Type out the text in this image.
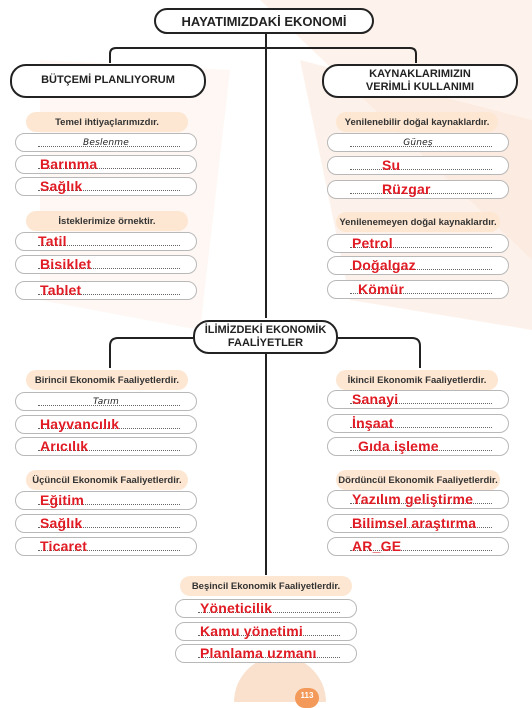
HAYATIMIZDAKİ EKONOMİ
BÜTÇEMİ PLANLIYORUM
KAYNAKLARIMIZIN
VERİMLİ KULLANIMI
İLİMİZDEKİ EKONOMİK
FAALİYETLER
Temel ihtiyaçlarımızdır.
Beslenme
Barınma
Sağlık
İsteklerimize örnektir.
Tatil
Bisiklet
Tablet
Yenilenebilir doğal kaynaklardır.
Güneş
Su
Rüzgar
Yenilenemeyen doğal kaynaklardır.
Petrol
Doğalgaz
Kömür
Birincil Ekonomik Faaliyetlerdir.
Tarım
Hayvancılık
Arıcılık
İkincil Ekonomik Faaliyetlerdir.
Sanayi
İnşaat
Gıda işleme
Üçüncül Ekonomik Faaliyetlerdir.
Eğitim
Sağlık
Ticaret
Dördüncül Ekonomik Faaliyetlerdir.
Yazılım geliştirme
Bilimsel araştırma
AR_GE
Beşincil Ekonomik Faaliyetlerdir.
Yöneticilik
Kamu yönetimi
Planlama uzmanı
113
